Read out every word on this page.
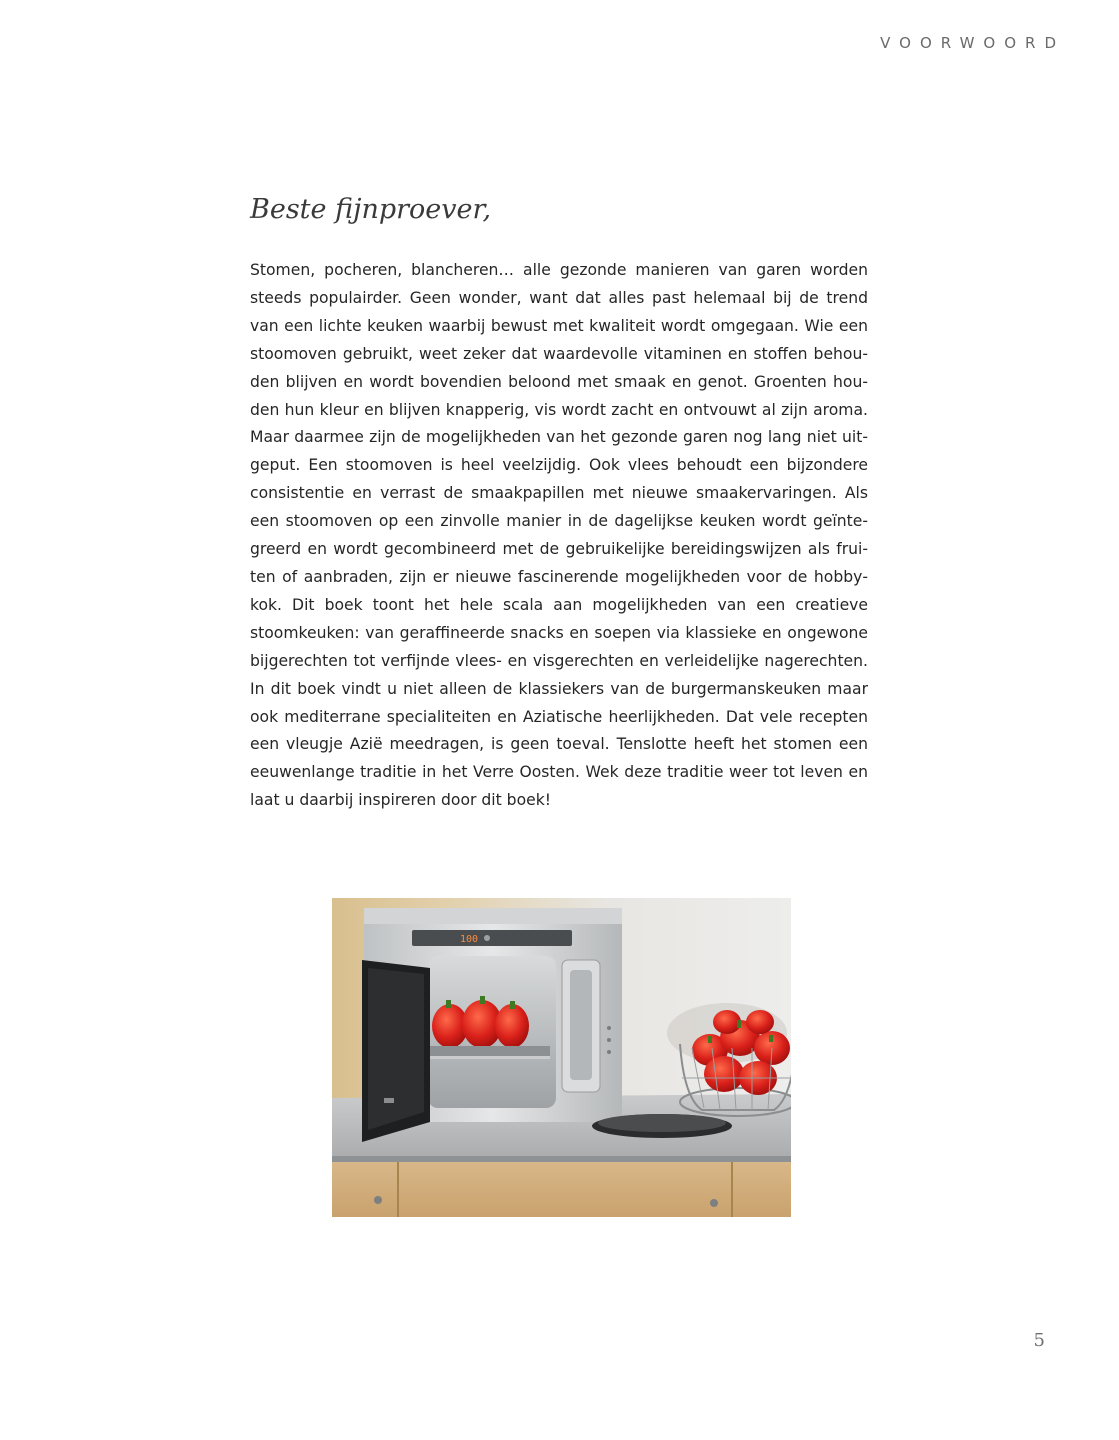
VOORWOORD
Beste fijnproever,

Stomen, pocheren, blancheren… alle gezonde manieren van garen worden steeds populairder. Geen wonder, want dat alles past helemaal bij de trend van een lichte keuken waarbij bewust met kwaliteit wordt omgegaan. Wie een stoomoven gebruikt, weet zeker dat waardevolle vitaminen en stoffen behouden blijven en wordt bovendien beloond met smaak en genot. Groenten houden hun kleur en blijven knapperig, vis wordt zacht en ontvouwt al zijn aroma. Maar daarmee zijn de mogelijkheden van het gezonde garen nog lang niet uitgeput. Een stoomoven is heel veelzijdig. Ook vlees behoudt een bijzondere consistentie en verrast de smaakpapillen met nieuwe smaakervaringen. Als een stoomoven op een zinvolle manier in de dagelijkse keuken wordt geïntegreerd en wordt gecombineerd met de gebruikelijke bereidingswijzen als fruiten of aanbraden, zijn er nieuwe fascinerende mogelijkheden voor de hobbykok. Dit boek toont het hele scala aan mogelijkheden van een creatieve stoomkeuken: van geraffineerde snacks en soepen via klassieke en ongewone bijgerechten tot verfijnde vlees- en visgerechten en verleidelijke nagerechten. In dit boek vindt u niet alleen de klassiekers van de burgermanskeuken maar ook mediterrane specialiteiten en Aziatische heerlijkheden. Dat vele recepten een vleugje Azië meedragen, is geen toeval. Tenslotte heeft het stomen een eeuwenlange traditie in het Verre Oosten. Wek deze traditie weer tot leven en laat u daarbij inspireren door dit boek!

100
5
